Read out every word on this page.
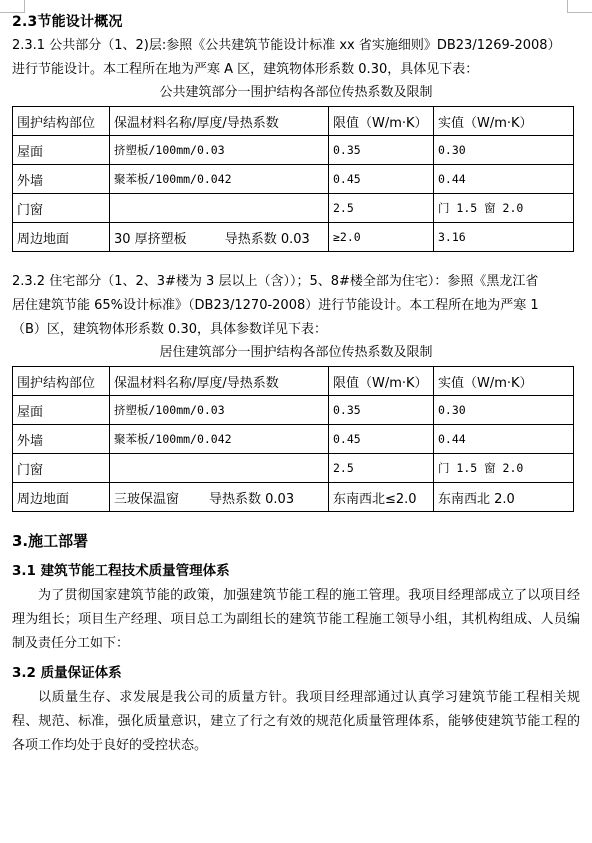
2.3节能设计概况

2.3.1 公共部分（1、2)层:参照《公共建筑节能设计标准 xx 省实施细则》DB23/1269-2008）
进行节能设计。本工程所在地为严寒 A 区，建筑物体形系数 0.30，具体见下表：

公共建筑部分一围护结构各部位传热系数及限制
围护结构部位	保温材料名称/厚度/导热系数	限值（W/m·K）	实值（W/m·K）
屋面	挤塑板/100mm/0.03	0.35	0.30
外墙	聚苯板/100mm/0.042	0.45	0.44
门窗		2.5	门 1.5 窗 2.0
周边地面	30 厚挤塑板 导热系数 0.03	≥2.0	3.16

2.3.2 住宅部分（1、2、3#楼为 3 层以上（含））；5、8#楼全部为住宅）：参照《黑龙江省
居住建筑节能 65%设计标准》（DB23/1270-2008）进行节能设计。本工程所在地为严寒 1
（B）区，建筑物体形系数 0.30，具体参数详见下表：

居住建筑部分一围护结构各部位传热系数及限制
围护结构部位	保温材料名称/厚度/导热系数	限值（W/m·K）	实值（W/m·K）
屋面	挤塑板/100mm/0.03	0.35	0.30
外墙	聚苯板/100mm/0.042	0.45	0.44
门窗		2.5	门 1.5 窗 2.0
周边地面	三玻保温窗 导热系数 0.03	东南西北≤2.0	东南西北 2.0
3.施工部署
3.1 建筑节能工程技术质量管理体系

为了贯彻国家建筑节能的政策，加强建筑节能工程的施工管理。我项目经理部成立了以项目经理为组长；项目生产经理、项目总工为副组长的建筑节能工程施工领导小组，其机构组成、人员编制及责任分工如下：

3.2 质量保证体系

以质量生存、求发展是我公司的质量方针。我项目经理部通过认真学习建筑节能工程相关规程、规范、标准，强化质量意识，建立了行之有效的规范化质量管理体系，能够使建筑节能工程的各项工作均处于良好的受控状态。
